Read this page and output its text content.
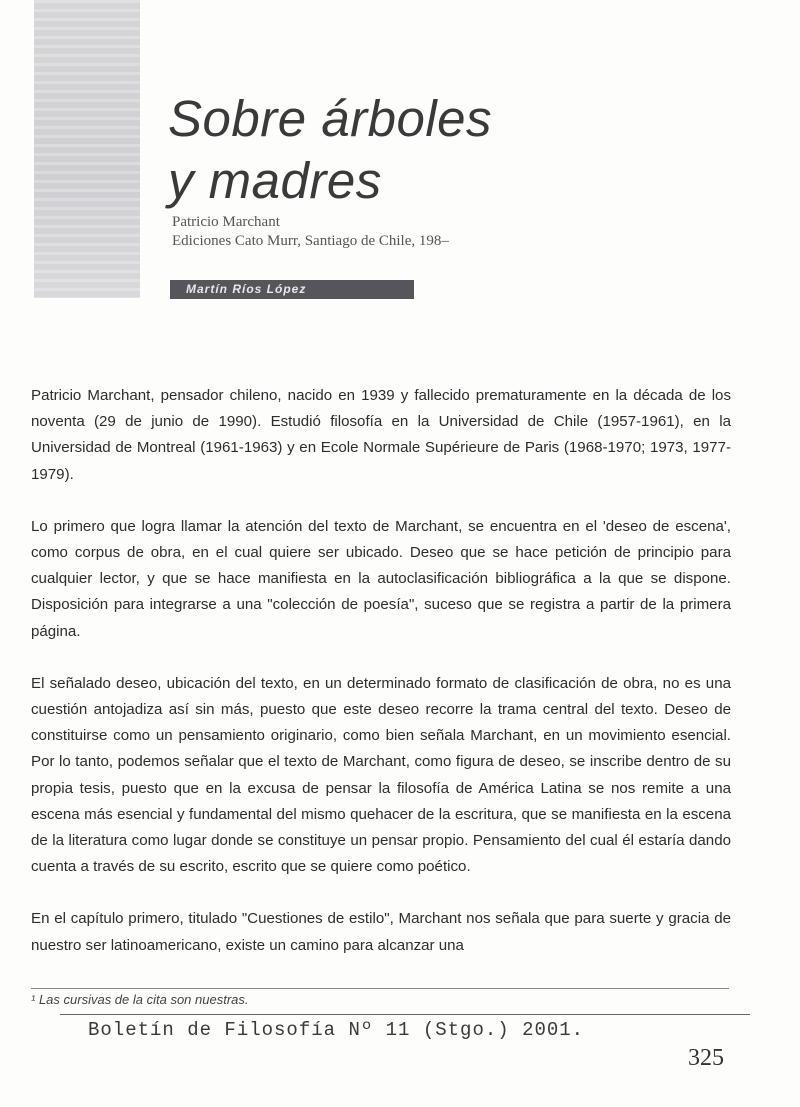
Sobre árboles
y madres
Patricio Marchant
Ediciones Cato Murr, Santiago de Chile, 198–
Martín Ríos López

Patricio Marchant, pensador chileno, nacido en 1939 y fallecido prematuramente en la década de los noventa (29 de junio de 1990). Estudió filosofía en la Universidad de Chile (1957-1961), en la Universidad de Montreal (1961-1963) y en Ecole Normale Supérieure de Paris (1968-1970; 1973, 1977-1979).

Lo primero que logra llamar la atención del texto de Marchant, se encuentra en el 'deseo de escena', como corpus de obra, en el cual quiere ser ubicado. Deseo que se hace petición de principio para cualquier lector, y que se hace manifiesta en la autoclasificación bibliográfica a la que se dispone. Disposición para integrarse a una "colección de poesía", suceso que se registra a partir de la primera página.

El señalado deseo, ubicación del texto, en un determinado formato de clasificación de obra, no es una cuestión antojadiza así sin más, puesto que este deseo recorre la trama central del texto. Deseo de constituirse como un pensamiento originario, como bien señala Marchant, en un movimiento esencial. Por lo tanto, podemos señalar que el texto de Marchant, como figura de deseo, se inscribe dentro de su propia tesis, puesto que en la excusa de pensar la filosofía de América Latina se nos remite a una escena más esencial y fundamental del mismo quehacer de la escritura, que se manifiesta en la escena de la literatura como lugar donde se constituye un pensar propio. Pensamiento del cual él estaría dando cuenta a través de su escrito, escrito que se quiere como poético.

En el capítulo primero, titulado "Cuestiones de estilo", Marchant nos señala que para suerte y gracia de nuestro ser latinoamericano, existe un camino para alcanzar una

¹ Las cursivas de la cita son nuestras.
Boletín de Filosofía Nº 11 (Stgo.) 2001.
325
